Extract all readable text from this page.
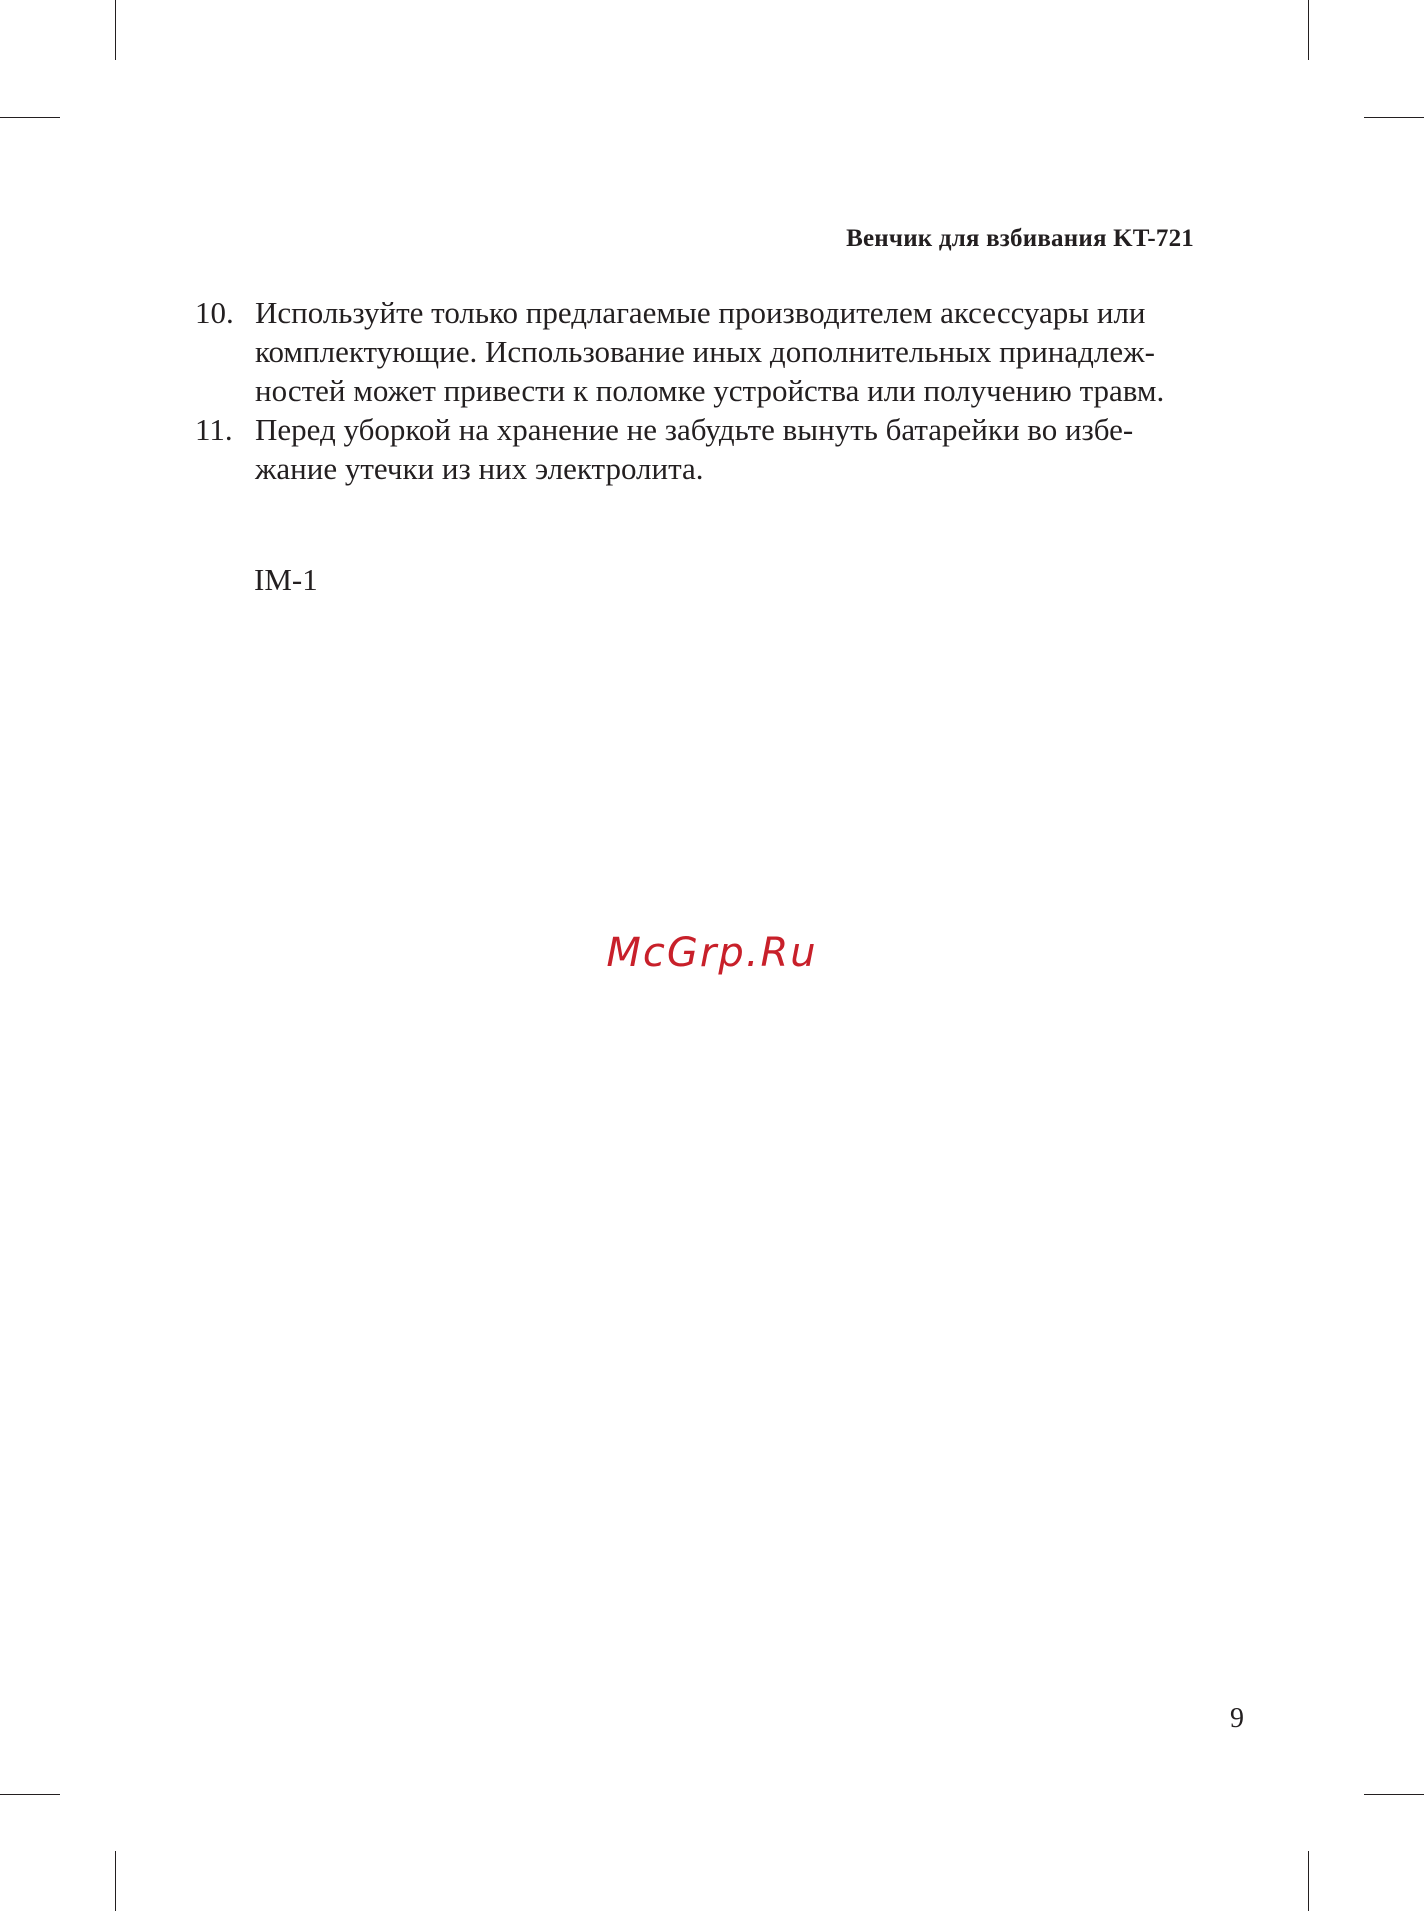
Венчик для взбивания KT-721
10. Используйте только предлагаемые производителем аксессуары или
комплектующие. Использование иных дополнительных принадлеж-
ностей может привести к поломке устройства или получению травм.
11. Перед уборкой на хранение не забудьте вынуть батарейки во избе-
жание утечки из них электролита.
IM-1
McGrp.Ru
9
